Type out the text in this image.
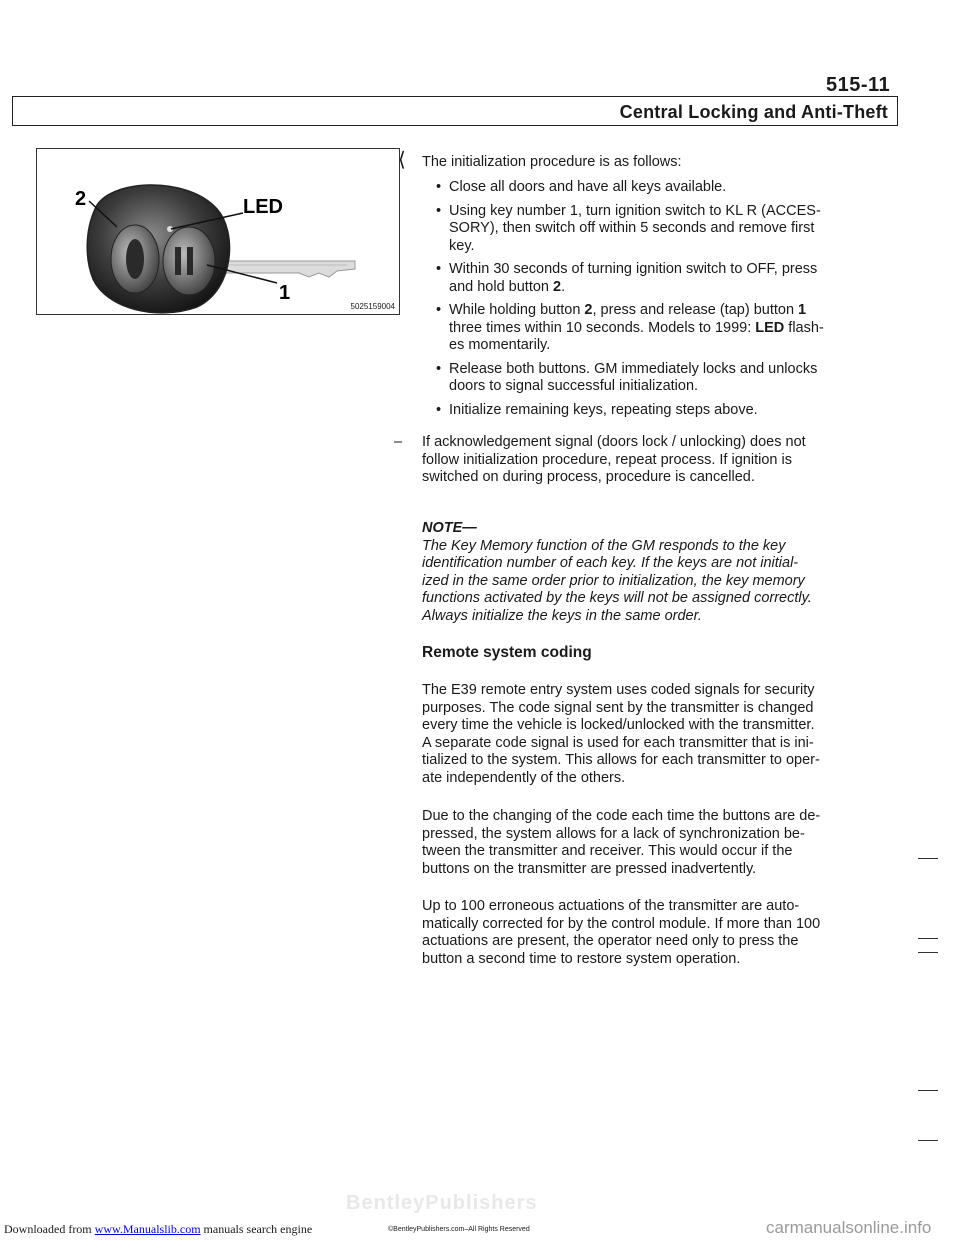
515-11
Central Locking and Anti-Theft
2	LED
1
5025159004
⟨ The initialization procedure is as follows:

• Close all doors and have all keys available.

• Using key number 1, turn ignition switch to KL R (ACCES-
SORY), then switch off within 5 seconds and remove first
key.

• Within 30 seconds of turning ignition switch to OFF, press
and hold button 2.

• While holding button 2, press and release (tap) button 1
three times within 10 seconds. Models to 1999: LED flash-
es momentarily.

• Release both buttons. GM immediately locks and unlocks
doors to signal successful initialization.

• Initialize remaining keys, repeating steps above.

– If acknowledgement signal (doors lock / unlocking) does not
follow initialization procedure, repeat process. If ignition is
switched on during process, procedure is cancelled.
NOTE—
The Key Memory function of the GM responds to the key
identification number of each key. If the keys are not initial-
ized in the same order prior to initialization, the key memory
functions activated by the keys will not be assigned correctly.
Always initialize the keys in the same order.
Remote system coding
The E39 remote entry system uses coded signals for security
purposes. The code signal sent by the transmitter is changed
every time the vehicle is locked/unlocked with the transmitter.
A separate code signal is used for each transmitter that is ini-
tialized to the system. This allows for each transmitter to oper-
ate independently of the others.
Due to the changing of the code each time the buttons are de-
pressed, the system allows for a lack of synchronization be-
tween the transmitter and receiver. This would occur if the
buttons on the transmitter are pressed inadvertently.
Up to 100 erroneous actuations of the transmitter are auto-
matically corrected for by the control module. If more than 100
actuations are present, the operator need only to press the
button a second time to restore system operation.
BentleyPublishers
Downloaded from www.Manualslib.com manuals search engine	©BentleyPublishers.com–All Rights Reserved	carmanualsonline.info
